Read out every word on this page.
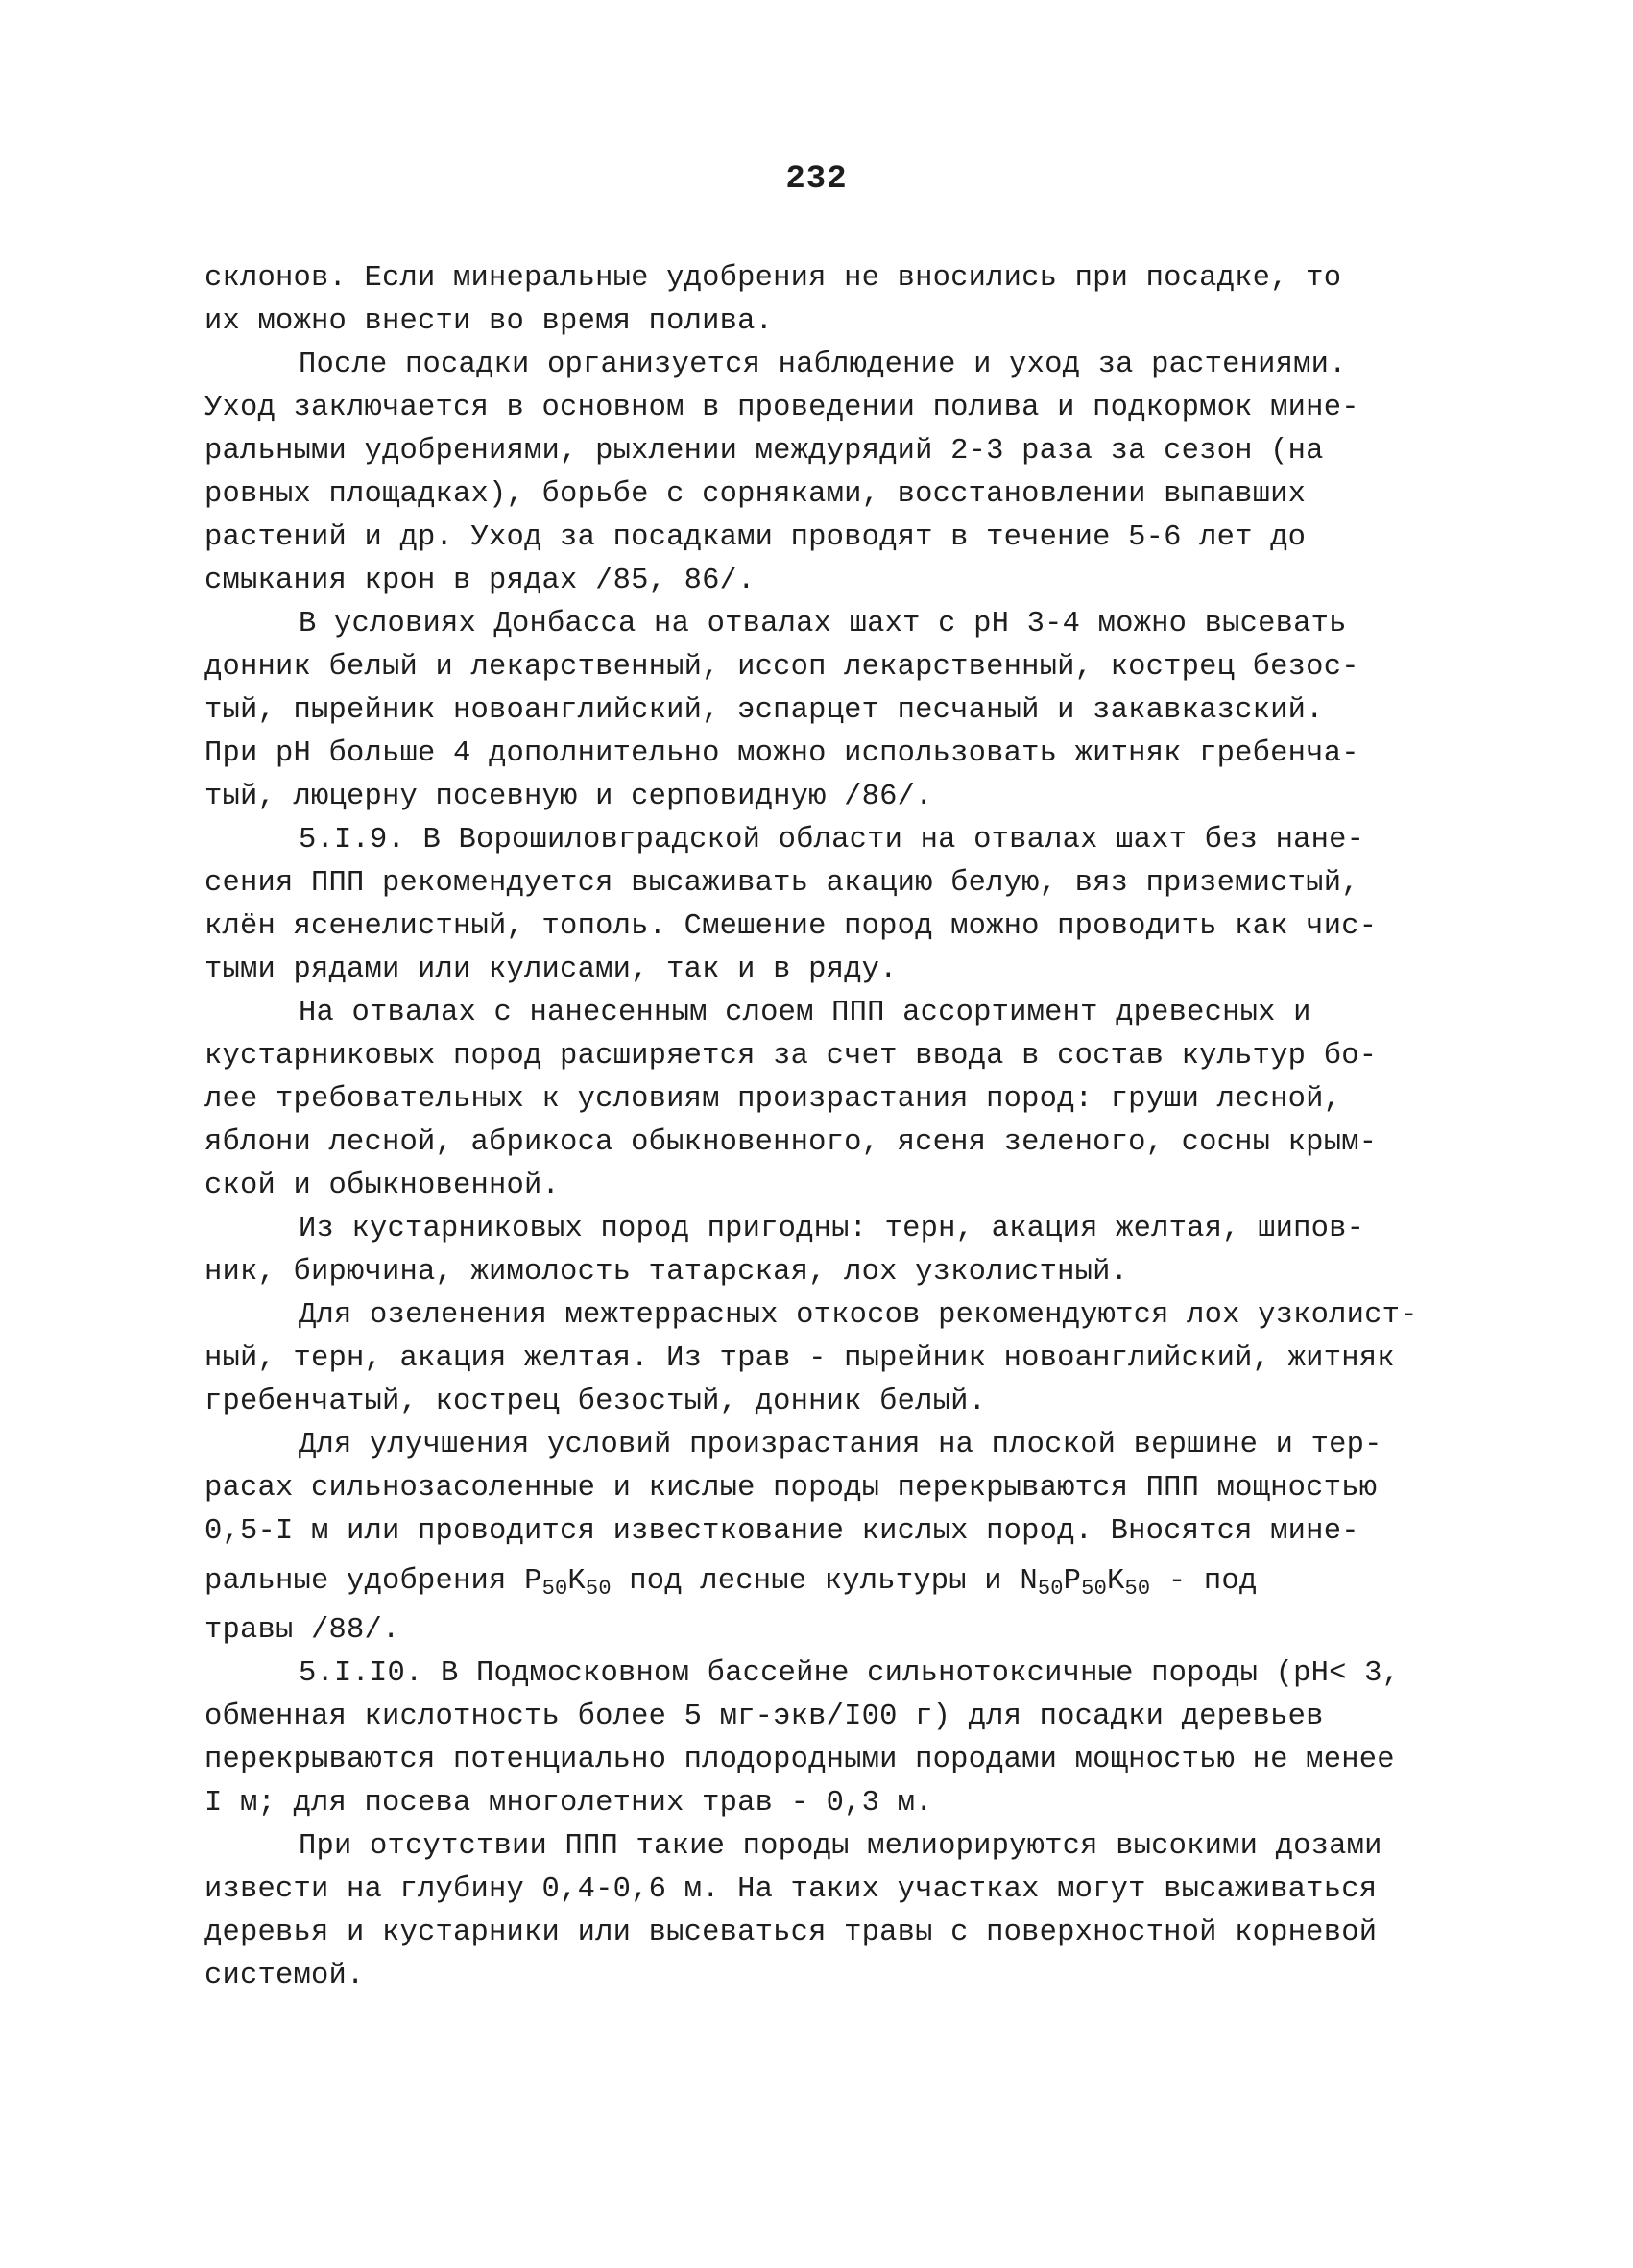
232
склонов. Если минеральные удобрения не вносились при посадке, то
их можно внести во время полива.
После посадки организуется наблюдение и уход за растениями.
Уход заключается в основном в проведении полива и подкормок мине-
ральными удобрениями, рыхлении междурядий 2-3 раза за сезон (на
ровных площадках), борьбе с сорняками, восстановлении выпавших
растений и др. Уход за посадками проводят в течение 5-6 лет до
смыкания крон в рядах /85, 86/.
В условиях Донбасса на отвалах шахт с рН 3-4 можно высевать
донник белый и лекарственный, иссоп лекарственный, кострец безос-
тый, пырейник новоанглийский, эспарцет песчаный и закавказский.
При рН больше 4 дополнительно можно использовать житняк гребенча-
тый, люцерну посевную и серповидную /86/.
5.I.9. В Ворошиловградской области на отвалах шахт без нане-
сения ППП рекомендуется высаживать акацию белую, вяз приземистый,
клён ясенелистный, тополь. Смешение пород можно проводить как чис-
тыми рядами или кулисами, так и в ряду.
На отвалах с нанесенным слоем ППП ассортимент древесных и
кустарниковых пород расширяется за счет ввода в состав культур бо-
лее требовательных к условиям произрастания пород: груши лесной,
яблони лесной, абрикоса обыкновенного, ясеня зеленого, сосны крым-
ской и обыкновенной.
Из кустарниковых пород пригодны: терн, акация желтая, шипов-
ник, бирючина, жимолость татарская, лох узколистный.
Для озеленения межтеррасных откосов рекомендуются лох узколист-
ный, терн, акация желтая. Из трав - пырейник новоанглийский, житняк
гребенчатый, кострец безостый, донник белый.
Для улучшения условий произрастания на плоской вершине и тер-
расах сильнозасоленные и кислые породы перекрываются ППП мощностью
0,5-I м или проводится известкование кислых пород. Вносятся мине-
ральные удобрения $P_{50}K_{50}$ под лесные культуры и $N_{50}P_{50}K_{50}$ - под
травы /88/.
5.I.I0. В Подмосковном бассейне сильнотоксичные породы (рН< 3,
обменная кислотность более 5 мг-экв/I00 г) для посадки деревьев
перекрываются потенциально плодородными породами мощностью не менее
I м; для посева многолетних трав - 0,3 м.
При отсутствии ППП такие породы мелиорируются высокими дозами
извести на глубину 0,4-0,6 м. На таких участках могут высаживаться
деревья и кустарники или высеваться травы с поверхностной корневой
системой.
